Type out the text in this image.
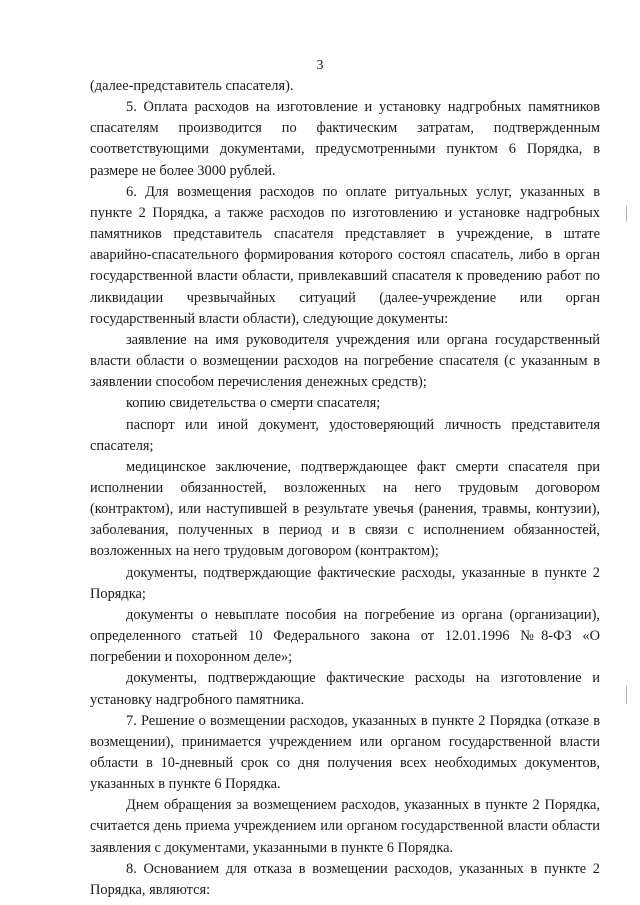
3

(далее-представитель спасателя).

5. Оплата расходов на изготовление и установку надгробных памятников спасателям производится по фактическим затратам, подтвержденным соответствующими документами, предусмотренными пунктом 6 Порядка, в размере не более 3000 рублей.

6. Для возмещения расходов по оплате ритуальных услуг, указанных в пункте 2 Порядка, а также расходов по изготовлению и установке надгробных памятников представитель спасателя представляет в учреждение, в штате аварийно-спасательного формирования которого состоял спасатель, либо в орган государственной власти области, привлекавший спасателя к проведению работ по ликвидации чрезвычайных ситуаций (далее-учреждение или орган государственный власти области), следующие документы:

заявление на имя руководителя учреждения или органа государственный власти области о возмещении расходов на погребение спасателя (с указанным в заявлении способом перечисления денежных средств);

копию свидетельства о смерти спасателя;

паспорт или иной документ, удостоверяющий личность представителя спасателя;

медицинское заключение, подтверждающее факт смерти спасателя при исполнении обязанностей, возложенных на него трудовым договором (контрактом), или наступившей в результате увечья (ранения, травмы, контузии), заболевания, полученных в период и в связи с исполнением обязанностей, возложенных на него трудовым договором (контрактом);

документы, подтверждающие фактические расходы, указанные в пункте 2 Порядка;

документы о невыплате пособия на погребение из органа (организации), определенного статьей 10 Федерального закона от 12.01.1996 №8-ФЗ «О погребении и похоронном деле»;

документы, подтверждающие фактические расходы на изготовление и установку надгробного памятника.

7. Решение о возмещении расходов, указанных в пункте 2 Порядка (отказе в возмещении), принимается учреждением или органом государственной власти области в 10-дневный срок со дня получения всех необходимых документов, указанных в пункте 6 Порядка.

Днем обращения за возмещением расходов, указанных в пункте 2 Порядка, считается день приема учреждением или органом государственной власти области заявления с документами, указанными в пункте 6 Порядка.

8. Основанием для отказа в возмещении расходов, указанных в пункте 2 Порядка, являются:
